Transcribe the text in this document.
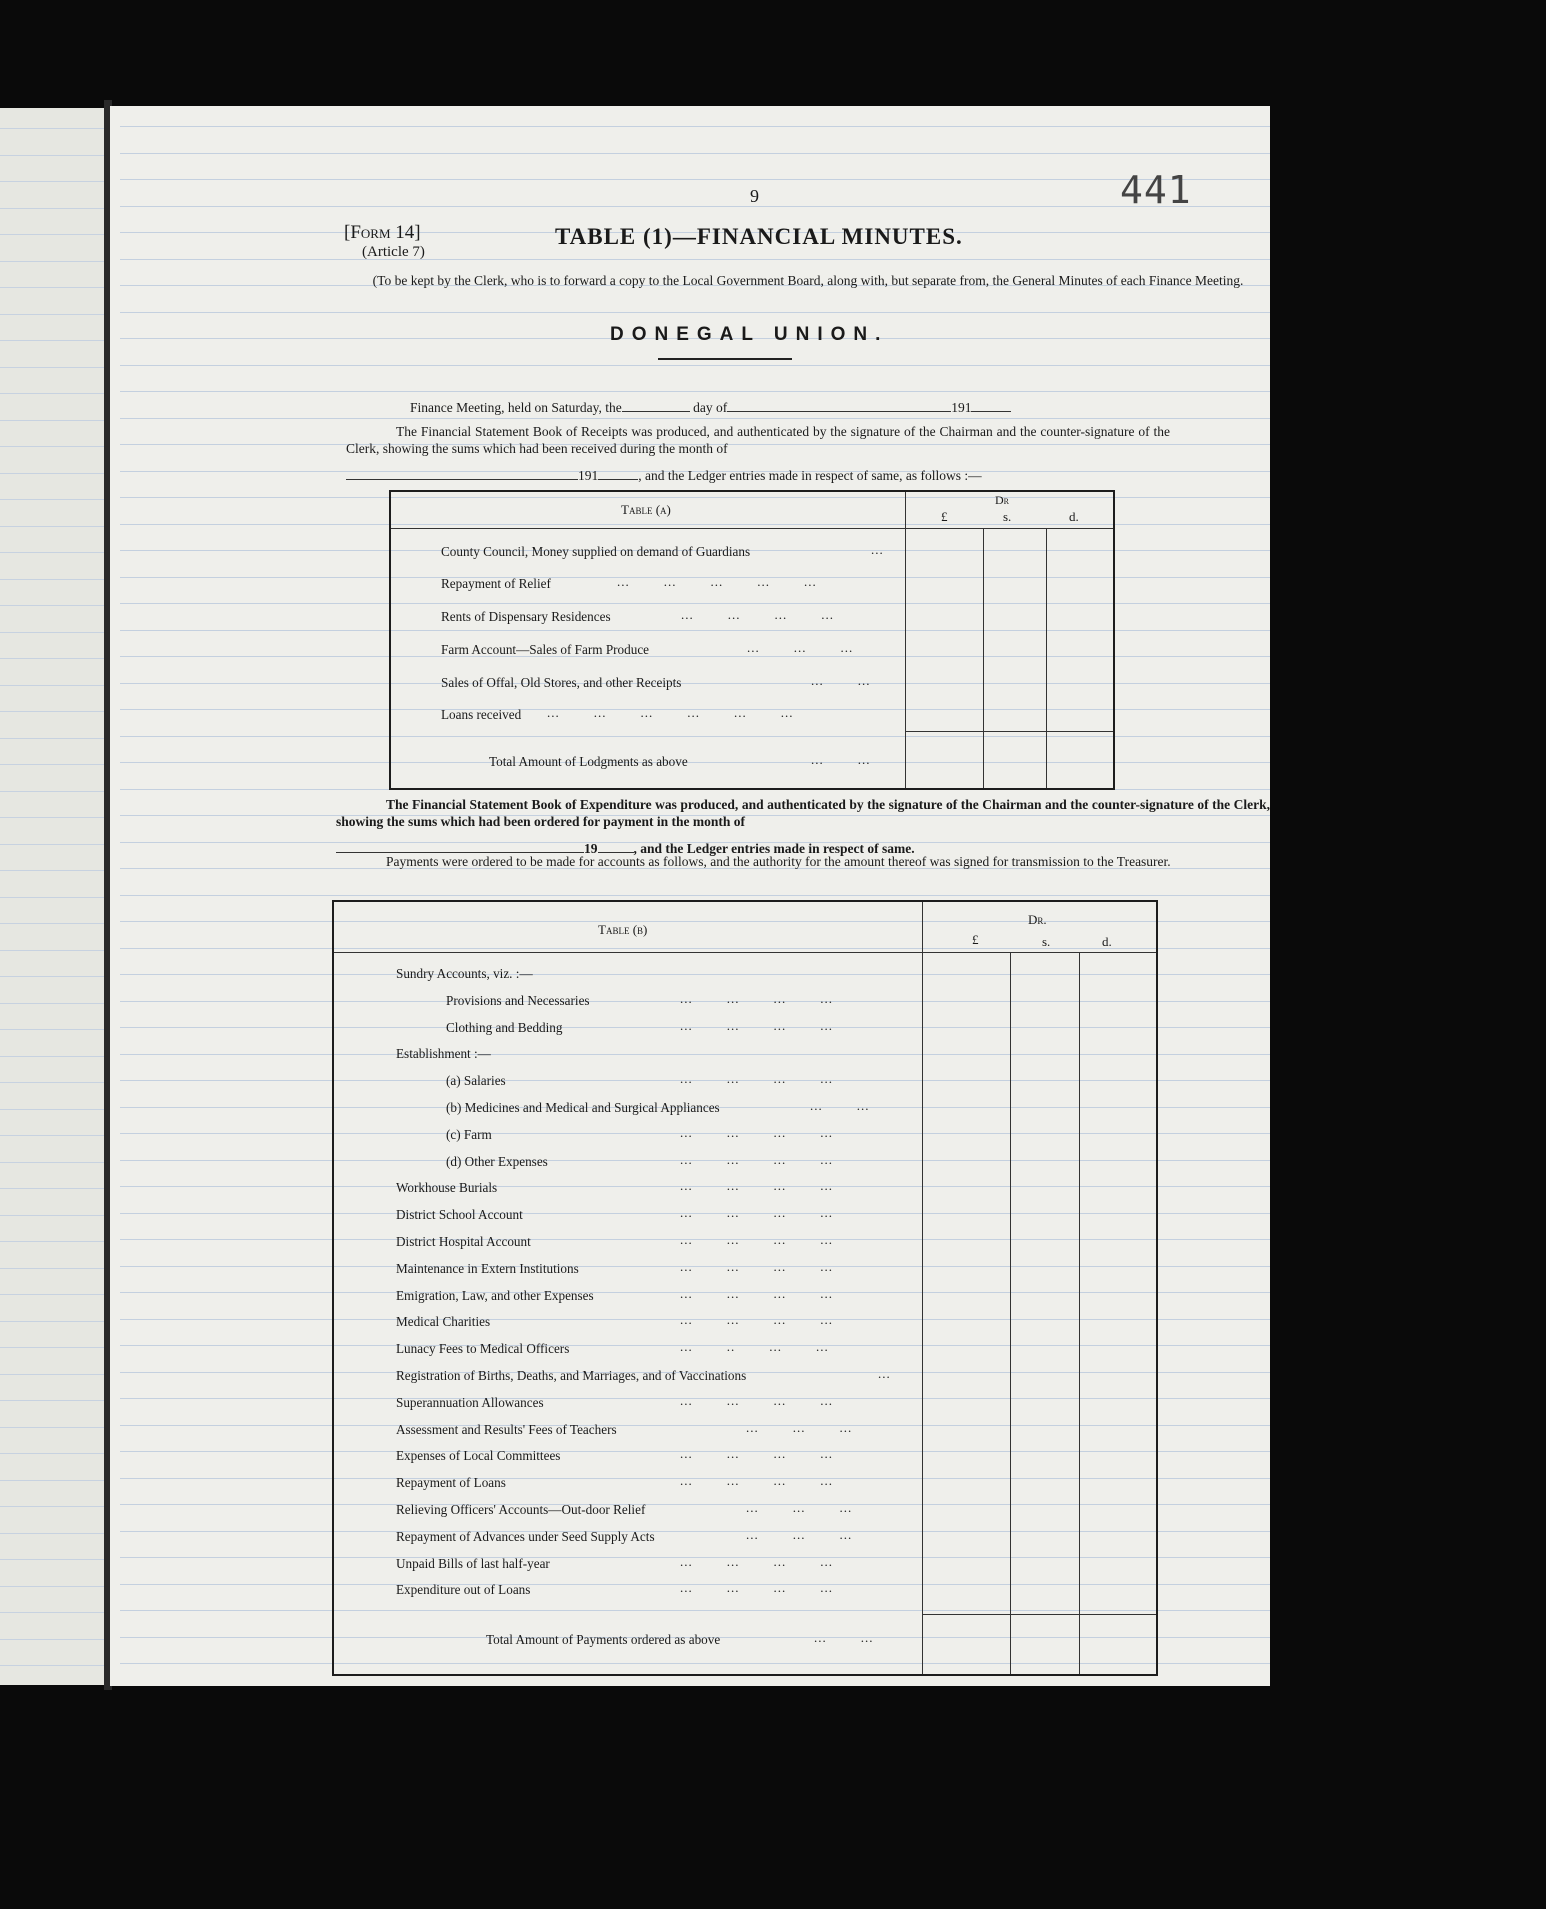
9	441
[Form 14]
(Article 7)
TABLE (1)—FINANCIAL MINUTES.
(To be kept by the Clerk, who is to forward a copy to the Local Government Board, along with, but separate from, the General Minutes of each Finance Meeting.
DONEGAL UNION.
Finance Meeting, held on Saturday, the	day of	191
The Financial Statement Book of Receipts was produced, and authenticated by the signature of the Chairman and the counter-signature of the Clerk, showing the sums which had been received during the month of
191	, and the Ledger entries made in respect of same, as follows :—
Table (a)
Dr
£	s.	d.
County Council, Money supplied on demand of Guardians	...
Repayment of Relief	...        ...        ...        ...        ...
Rents of Dispensary Residences	...        ...        ...        ...
Farm Account—Sales of Farm Produce	...        ...        ...
Sales of Offal, Old Stores, and other Receipts	...        ...
Loans received ...        ...        ...        ...        ...        ...
Total Amount of Lodgments as above	...        ...
The Financial Statement Book of Expenditure was produced, and authenticated by the signature of the Chairman and the counter-signature of the Clerk, showing the sums which had been ordered for payment in the month of
19	, and the Ledger entries made in respect of same.
Payments were ordered to be made for accounts as follows, and the authority for the amount thereof was signed for transmission to the Treasurer.
Table (b)
Dr.
£	s.	d.
Sundry Accounts, viz. :—
Provisions and Necessaries	...        ...        ...        ...
Clothing and Bedding	...        ...        ...        ...
Establishment :—
(a) Salaries	...        ...        ...        ...
(b) Medicines and Medical and Surgical Appliances	...        ...
(c) Farm	...        ...        ...        ...
(d) Other Expenses	...        ...        ...        ...
Workhouse Burials	...        ...        ...        ...
District School Account	...        ...        ...        ...
District Hospital Account	...        ...        ...        ...
Maintenance in Extern Institutions	...        ...        ...        ...
Emigration, Law, and other Expenses	...        ...        ...        ...
Medical Charities	...        ...        ...        ...
Lunacy Fees to Medical Officers	...        ..        ...        ...
Registration of Births, Deaths, and Marriages, and of Vaccinations	...
Superannuation Allowances	...        ...        ...        ...
Assessment and Results' Fees of Teachers	...        ...        ...
Expenses of Local Committees	...        ...        ...        ...
Repayment of Loans	...        ...        ...        ...
Relieving Officers' Accounts—Out-door Relief	...        ...        ...
Repayment of Advances under Seed Supply Acts	...        ...        ...
Unpaid Bills of last half-year	...        ...        ...        ...
Expenditure out of Loans	...        ...        ...        ...
Total Amount of Payments ordered as above	...        ...
